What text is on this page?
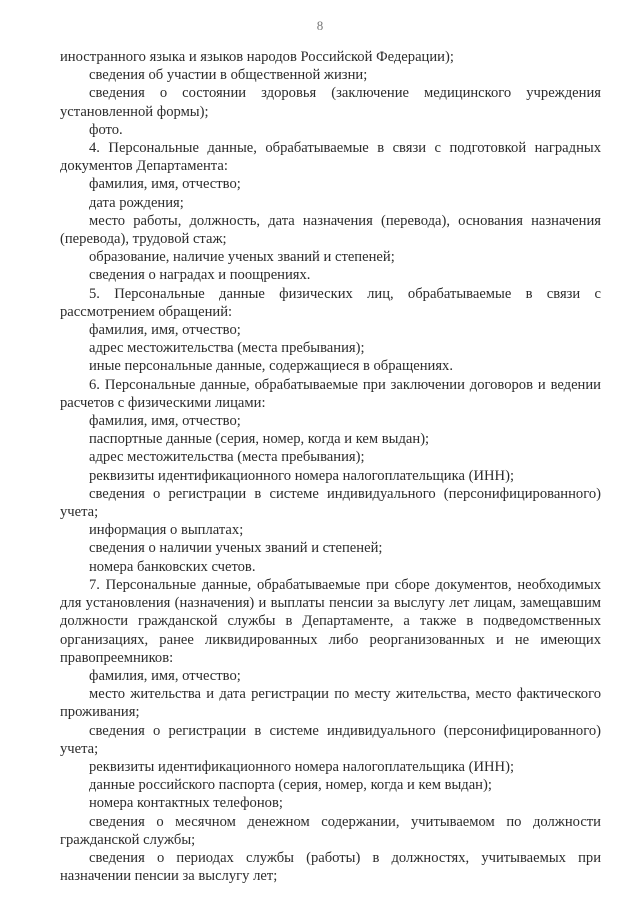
8

иностранного языка и языков народов Российской Федерации);

сведения об участии в общественной жизни;

сведения о состоянии здоровья (заключение медицинского учреждения установленной формы);

фото.

4. Персональные данные, обрабатываемые в связи с подготовкой наградных документов Департамента:

фамилия, имя, отчество;

дата рождения;

место работы, должность, дата назначения (перевода), основания назначения (перевода), трудовой стаж;

образование, наличие ученых званий и степеней;

сведения о наградах и поощрениях.

5. Персональные данные физических лиц, обрабатываемые в связи с рассмотрением обращений:

фамилия, имя, отчество;

адрес местожительства (места пребывания);

иные персональные данные, содержащиеся в обращениях.

6. Персональные данные, обрабатываемые при заключении договоров и ведении расчетов с физическими лицами:

фамилия, имя, отчество;

паспортные данные (серия, номер, когда и кем выдан);

адрес местожительства (места пребывания);

реквизиты идентификационного номера налогоплательщика (ИНН);

сведения о регистрации в системе индивидуального (персонифицированного) учета;

информация о выплатах;

сведения о наличии ученых званий и степеней;

номера банковских счетов.

7. Персональные данные, обрабатываемые при сборе документов, необходимых для установления (назначения) и выплаты пенсии за выслугу лет лицам, замещавшим должности гражданской службы в Департаменте, а также в подведомственных организациях, ранее ликвидированных либо реорганизованных и не имеющих правопреемников:

фамилия, имя, отчество;

место жительства и дата регистрации по месту жительства, место фактического проживания;

сведения о регистрации в системе индивидуального (персонифицированного) учета;

реквизиты идентификационного номера налогоплательщика (ИНН);

данные российского паспорта (серия, номер, когда и кем выдан);

номера контактных телефонов;

сведения о месячном денежном содержании, учитываемом по должности гражданской службы;

сведения о периодах службы (работы) в должностях, учитываемых при назначении пенсии за выслугу лет;
